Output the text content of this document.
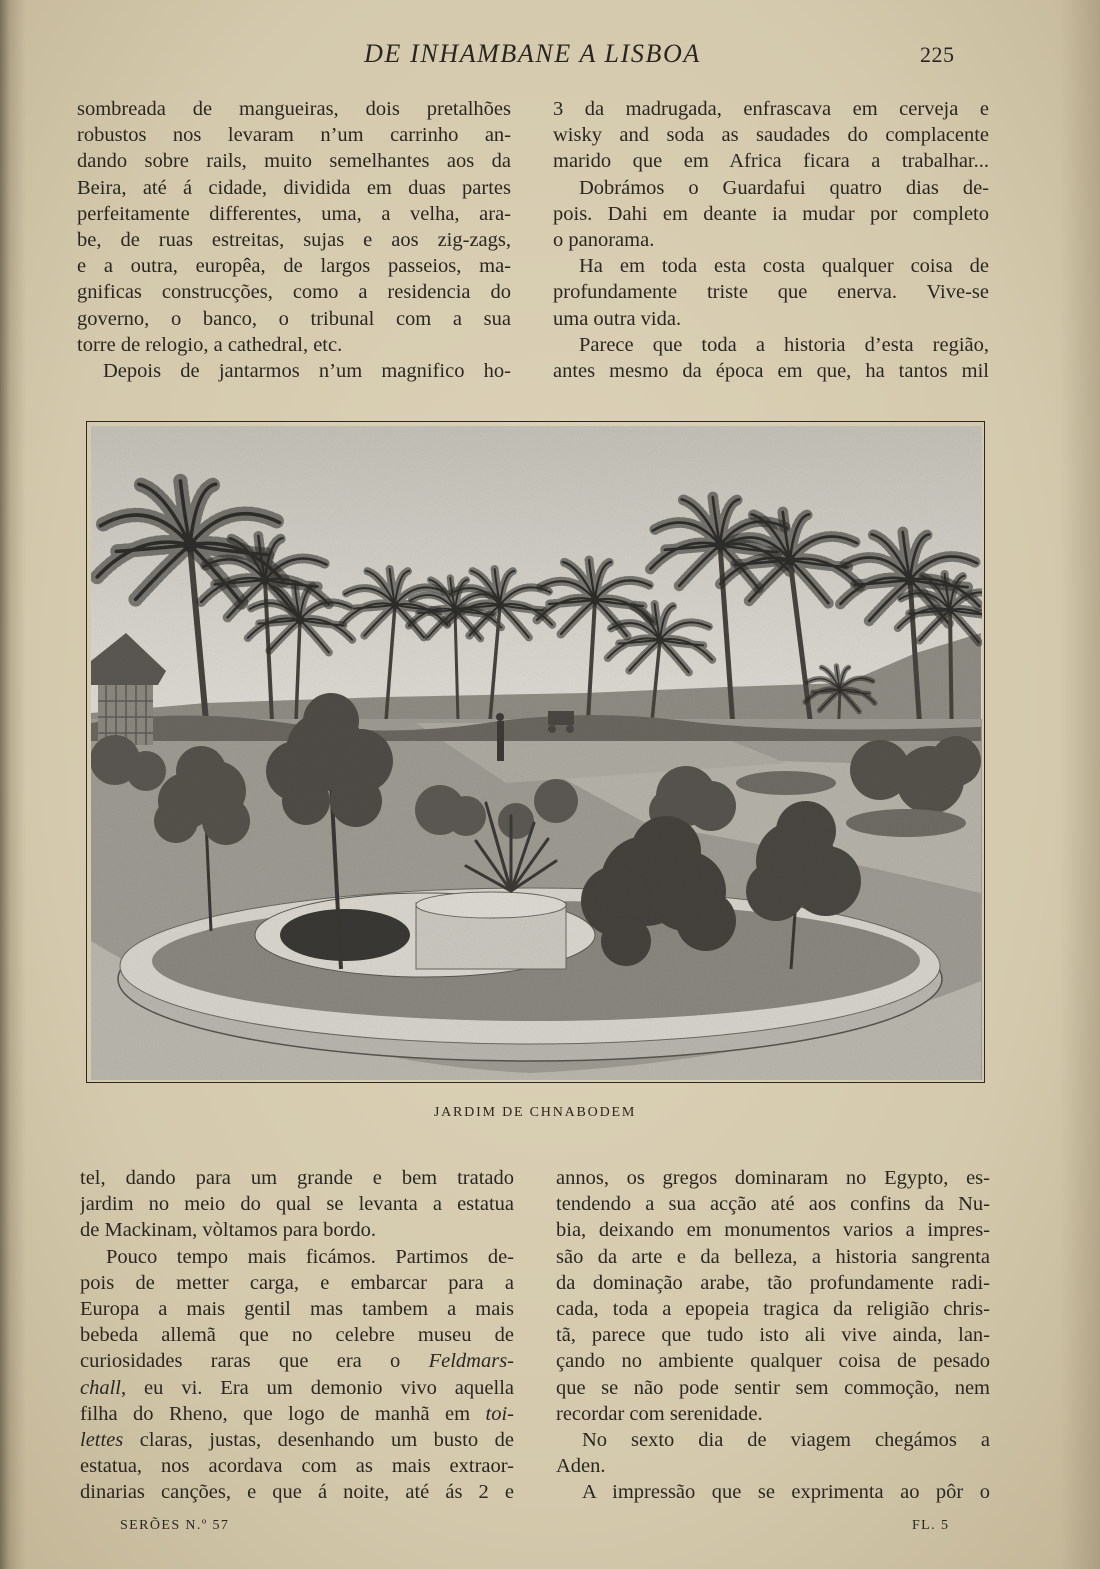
DE INHAMBANE A LISBOA	225
sombreada de mangueiras, dois pretalhões
robustos nos levaram n’um carrinho an-
dando sobre rails, muito semelhantes aos da
Beira, até á cidade, dividida em duas partes
perfeitamente differentes, uma, a velha, ara-
be, de ruas estreitas, sujas e aos zig-zags,
e a outra, europêa, de largos passeios, ma-
gnificas construcções, como a residencia do
governo, o banco, o tribunal com a sua
torre de relogio, a cathedral, etc.
Depois de jantarmos n’um magnifico ho-
3 da madrugada, enfrascava em cerveja e
wisky and soda as saudades do complacente
marido que em Africa ficara a trabalhar...
Dobrámos o Guardafui quatro dias de-
pois. Dahi em deante ia mudar por completo
o panorama.
Ha em toda esta costa qualquer coisa de
profundamente triste que enerva. Vive-se
uma outra vida.
Parece que toda a historia d’esta região,
antes mesmo da época em que, ha tantos mil
JARDIM DE CHNABODEM
tel, dando para um grande e bem tratado
jardim no meio do qual se levanta a estatua
de Mackinam, vòltamos para bordo.
Pouco tempo mais ficámos. Partimos de-
pois de metter carga, e embarcar para a
Europa a mais gentil mas tambem a mais
bebeda allemã que no celebre museu de
curiosidades raras que era o Feldmars-
chall, eu vi. Era um demonio vivo aquella
filha do Rheno, que logo de manhã em toi-
lettes claras, justas, desenhando um busto de
estatua, nos acordava com as mais extraor-
dinarias canções, e que á noite, até ás 2 e
annos, os gregos dominaram no Egypto, es-
tendendo a sua acção até aos confins da Nu-
bia, deixando em monumentos varios a impres-
são da arte e da belleza, a historia sangrenta
da dominação arabe, tão profundamente radi-
cada, toda a epopeia tragica da religião chris-
tã, parece que tudo isto ali vive ainda, lan-
çando no ambiente qualquer coisa de pesado
que se não pode sentir sem commoção, nem
recordar com serenidade.
No sexto dia de viagem chegámos a
Aden.
A impressão que se exprimenta ao pôr o
SERÕES N.º 57	FL. 5
